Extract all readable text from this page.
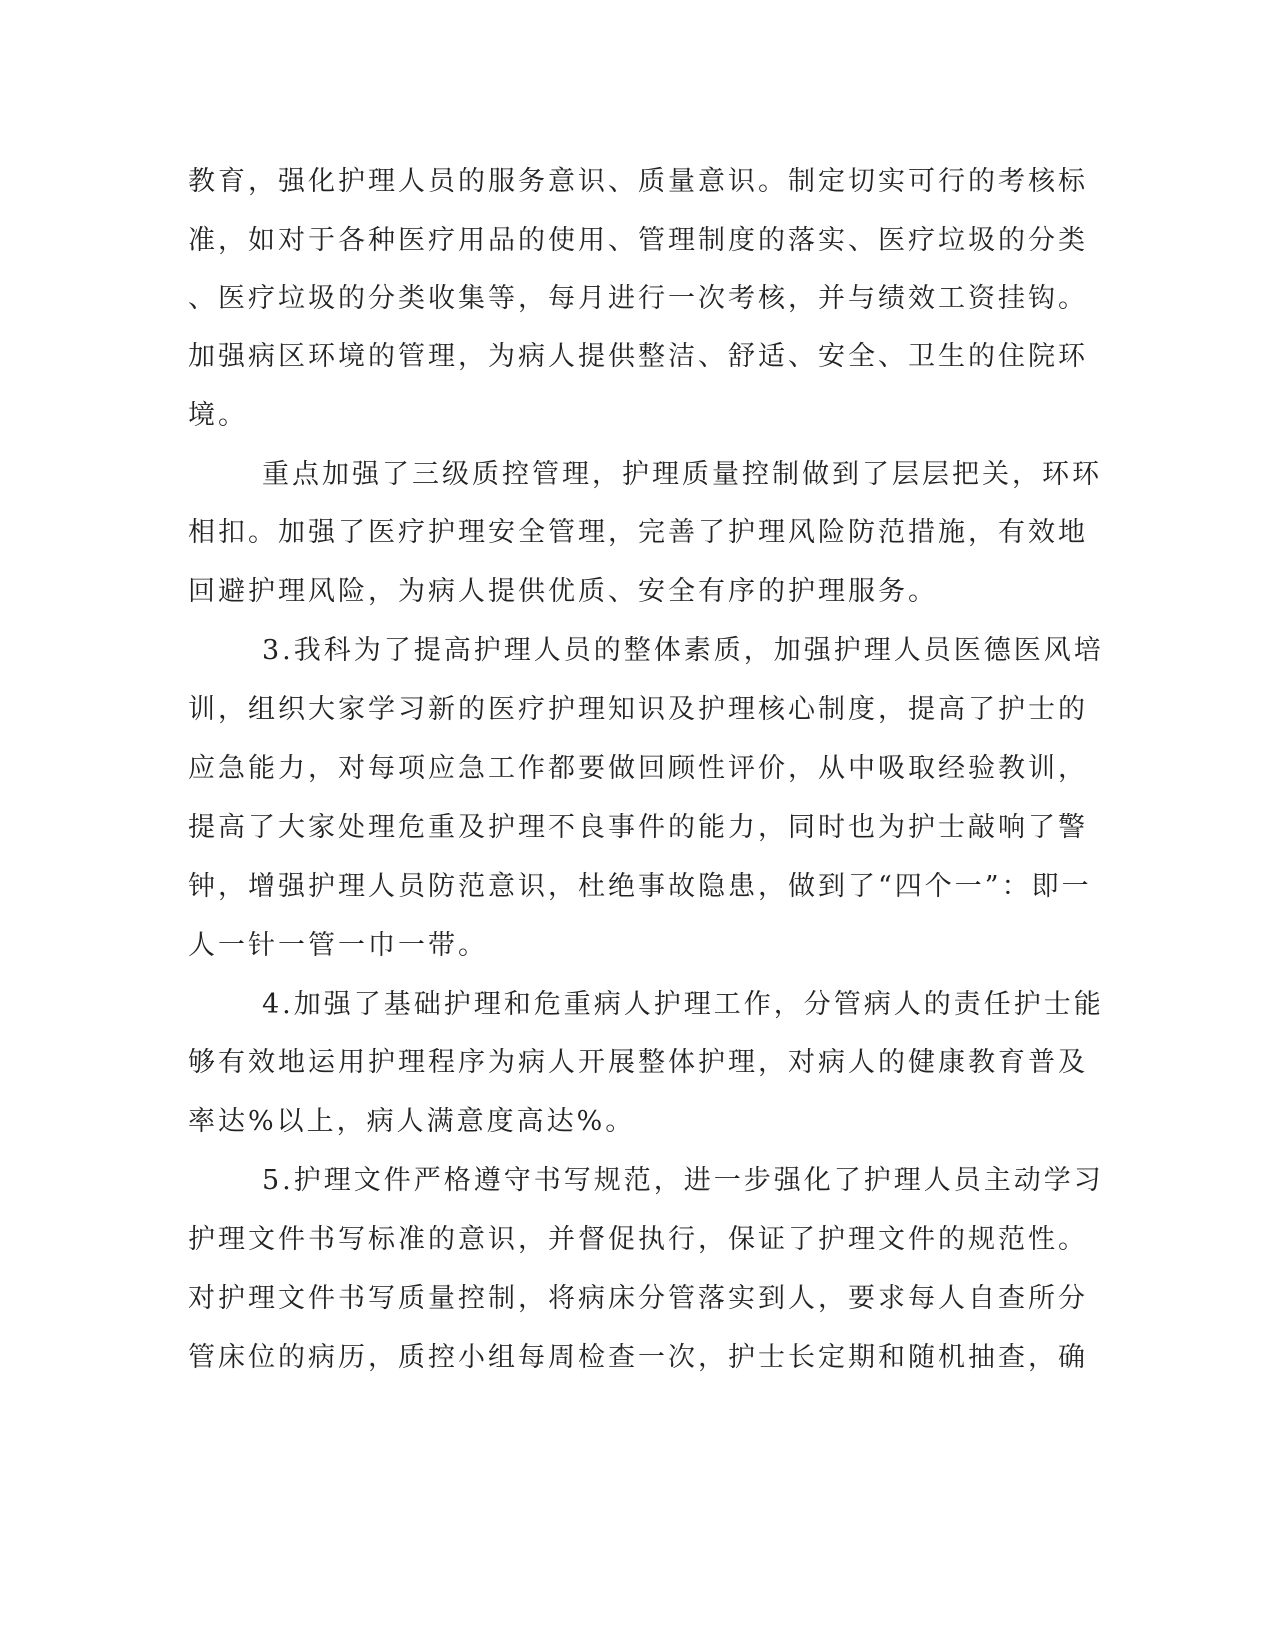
教育，强化护理人员的服务意识、质量意识。制定切实可行的考核标

准，如对于各种医疗用品的使用、管理制度的落实、医疗垃圾的分类

、医疗垃圾的分类收集等，每月进行一次考核，并与绩效工资挂钩。

加强病区环境的管理，为病人提供整洁、舒适、安全、卫生的住院环

境。

重点加强了三级质控管理，护理质量控制做到了层层把关，环环

相扣。加强了医疗护理安全管理，完善了护理风险防范措施，有效地

回避护理风险，为病人提供优质、安全有序的护理服务。

3.我科为了提高护理人员的整体素质，加强护理人员医德医风培

训，组织大家学习新的医疗护理知识及护理核心制度，提高了护士的

应急能力，对每项应急工作都要做回顾性评价，从中吸取经验教训，

提高了大家处理危重及护理不良事件的能力，同时也为护士敲响了警

钟，增强护理人员防范意识，杜绝事故隐患，做到了“四个一”：即一

人一针一管一巾一带。

4.加强了基础护理和危重病人护理工作，分管病人的责任护士能

够有效地运用护理程序为病人开展整体护理，对病人的健康教育普及

率达%以上，病人满意度高达%。

5.护理文件严格遵守书写规范，进一步强化了护理人员主动学习

护理文件书写标准的意识，并督促执行，保证了护理文件的规范性。

对护理文件书写质量控制，将病床分管落实到人，要求每人自查所分

管床位的病历，质控小组每周检查一次，护士长定期和随机抽查，确
